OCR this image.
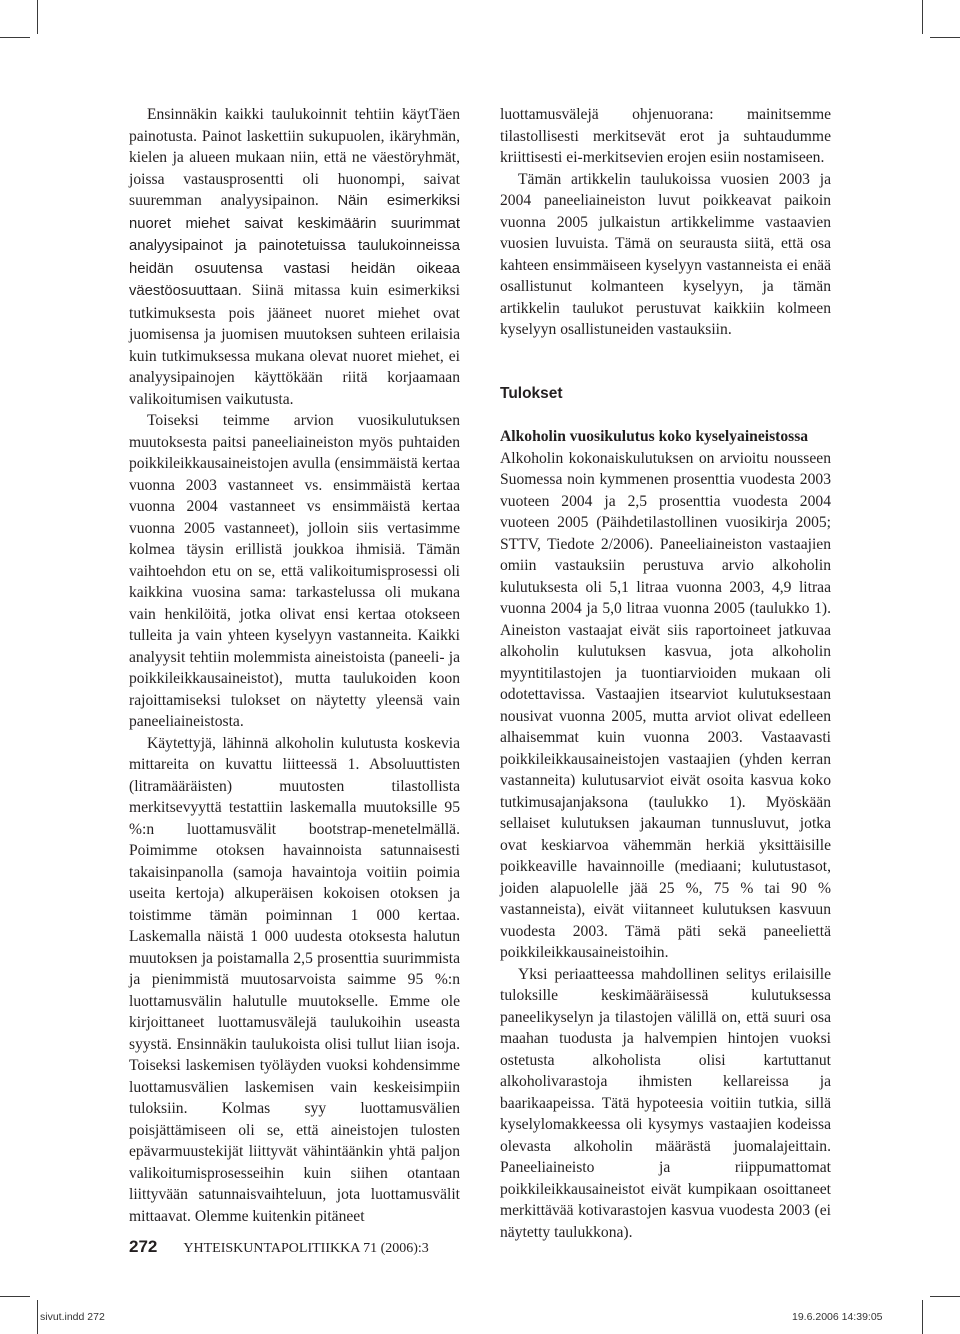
Ensinnäkin kaikki taulukoinnit tehtiin käytTäen painotusta. Painot laskettiin sukupuolen, ikäryhmän, kielen ja alueen mukaan niin, että ne väestöryhmät, joissa vastausprosentti oli huonompi, saivat suuremman analyysipainon. Näin esimerkiksi nuoret miehet saivat keskimäärin suurimmat analyysipainot ja painotetuissa taulukoinneissa heidän osuutensa vastasi heidän oikeaa väestöosuuttaan. Siinä mitassa kuin esimerkiksi tutkimuksesta pois jääneet nuoret miehet ovat juomisensa ja juomisen muutoksen suhteen erilaisia kuin tutkimuksessa mukana olevat nuoret miehet, ei analyysipainojen käyttökään riitä korjaamaan valikoitumisen vaikutusta.

Toiseksi teimme arvion vuosikulutuksen muutoksesta paitsi paneeliaineiston myös puhtaiden poikkileikkausaineistojen avulla (ensimmäistä kertaa vuonna 2003 vastanneet vs. ensimmäistä kertaa vuonna 2004 vastanneet vs ensimmäistä kertaa vuonna 2005 vastanneet), jolloin siis vertasimme kolmea täysin erillistä joukkoa ihmisiä. Tämän vaihtoehdon etu on se, että valikoitumisprosessi oli kaikkina vuosina sama: tarkastelussa oli mukana vain henkilöitä, jotka olivat ensi kertaa otokseen tulleita ja vain yhteen kyselyyn vastanneita. Kaikki analyysit tehtiin molemmista aineistoista (paneeli- ja poikkileikkausaineistot), mutta taulukoiden koon rajoittamiseksi tulokset on näytetty yleensä vain paneeliaineistosta.

Käytettyjä, lähinnä alkoholin kulutusta koskevia mittareita on kuvattu liitteessä 1. Absoluuttisten (litramääräisten) muutosten tilastollista merkitsevyyttä testattiin laskemalla muutoksille 95 %:n luottamusvälit bootstrap-menetelmällä. Poimimme otoksen havainnoista satunnaisesti takaisinpanolla (samoja havaintoja voitiin poimia useita kertoja) alkuperäisen kokoisen otoksen ja toistimme tämän poiminnan 1 000 kertaa. Laskemalla näistä 1 000 uudesta otoksesta halutun muutoksen ja poistamalla 2,5 prosenttia suurimmista ja pienimmistä muutosarvoista saimme 95 %:n luottamusvälin halutulle muutokselle. Emme ole kirjoittaneet luottamusvälejä taulukoihin useasta syystä. Ensinnäkin taulukoista olisi tullut liian isoja. Toiseksi laskemisen työläyden vuoksi kohdensimme luottamusvälien laskemisen vain keskeisimpiin tuloksiin. Kolmas syy luottamusvälien poisjättämiseen oli se, että aineistojen tulosten epävarmuustekijät liittyvät vähintäänkin yhtä paljon valikoitumisprosesseihin kuin siihen otantaan liittyvään satunnaisvaihteluun, jota luottamusvälit mittaavat. Olemme kuitenkin pitäneet

luottamusvälejä ohjenuorana: mainitsemme tilastollisesti merkitsevät erot ja suhtaudumme kriittisesti ei-merkitsevien erojen esiin nostamiseen.

Tämän artikkelin taulukoissa vuosien 2003 ja 2004 paneeliaineiston luvut poikkeavat paikoin vuonna 2005 julkaistun artikkelimme vastaavien vuosien luvuista. Tämä on seurausta siitä, että osa kahteen ensimmäiseen kyselyyn vastanneista ei enää osallistunut kolmanteen kyselyyn, ja tämän artikkelin taulukot perustuvat kaikkiin kolmeen kyselyyn osallistuneiden vastauksiin.

Tulokset

Alkoholin vuosikulutus koko kyselyaineistossa

Alkoholin kokonaiskulutuksen on arvioitu nousseen Suomessa noin kymmenen prosenttia vuodesta 2003 vuoteen 2004 ja 2,5 prosenttia vuodesta 2004 vuoteen 2005 (Päihdetilastollinen vuosikirja 2005; STTV, Tiedote 2/2006). Paneeliaineiston vastaajien omiin vastauksiin perustuva arvio alkoholin kulutuksesta oli 5,1 litraa vuonna 2003, 4,9 litraa vuonna 2004 ja 5,0 litraa vuonna 2005 (taulukko 1). Aineiston vastaajat eivät siis raportoineet jatkuvaa alkoholin kulutuksen kasvua, jota alkoholin myyntitilastojen ja tuontiarvioiden mukaan oli odotettavissa. Vastaajien itsearviot kulutuksestaan nousivat vuonna 2005, mutta arviot olivat edelleen alhaisemmat kuin vuonna 2003. Vastaavasti poikkileikkausaineistojen vastaajien (yhden kerran vastanneita) kulutusarviot eivät osoita kasvua koko tutkimusajanjaksona (taulukko 1). Myöskään sellaiset kulutuksen jakauman tunnusluvut, jotka ovat keskiarvoa vähemmän herkiä yksittäisille poikkeaville havainnoille (mediaani; kulutustasot, joiden alapuolelle jää 25 %, 75 % tai 90 % vastanneista), eivät viitanneet kulutuksen kasvuun vuodesta 2003. Tämä päti sekä paneeliettä poikkileikkausaineistoihin.

Yksi periaatteessa mahdollinen selitys erilaisille tuloksille keskimääräisessä kulutuksessa paneelikyselyn ja tilastojen välillä on, että suuri osa maahan tuodusta ja halvempien hintojen vuoksi ostetusta alkoholista olisi kartuttanut alkoholivarastoja ihmisten kellareissa ja baarikaapeissa. Tätä hypoteesia voitiin tutkia, sillä kyselylomakkeessa oli kysymys vastaajien kodeissa olevasta alkoholin määrästä juomalajeittain. Paneeliaineisto ja riippumattomat poikkileikkausaineistot eivät kumpikaan osoittaneet merkittävää kotivarastojen kasvua vuodesta 2003 (ei näytetty taulukkona).

272 YHTEISKUNTAPOLITIIKKA 71 (2006):3
sivut.indd 272	19.6.2006 14:39:05
